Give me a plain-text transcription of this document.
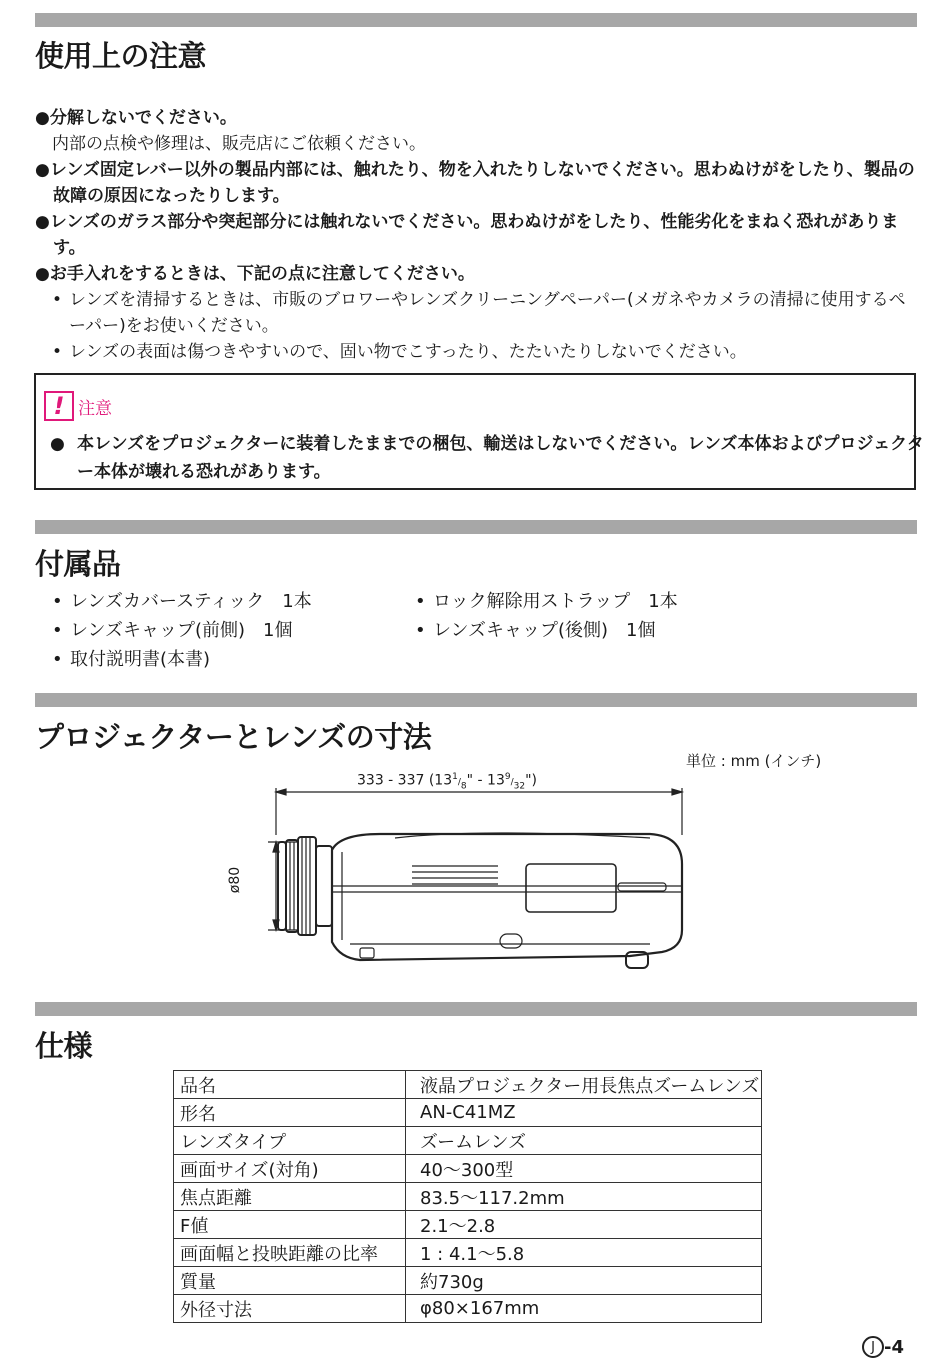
使用上の注意

●分解しないでください。

内部の点検や修理は、販売店にご依頼ください。

●レンズ固定レバー以外の製品内部には、触れたり、物を入れたりしないでください。思わぬけがをしたり、製品の故障の原因になったりします。

●レンズのガラス部分や突起部分には触れないでください。思わぬけがをしたり、性能劣化をまねく恐れがあります。

●お手入れをするときは、下記の点に注意してください。

• レンズを清掃するときは、市販のブロワーやレンズクリーニングペーパー(メガネやカメラの清掃に使用するペーパー)をお使いください。

• レンズの表面は傷つきやすいので、固い物でこすったり、たたいたりしないでください。

! 注意
● 本レンズをプロジェクターに装着したままでの梱包、輸送はしないでください。レンズ本体およびプロジェクター本体が壊れる恐れがあります。
付属品
• レンズカバースティック　1本	• ロック解除用ストラップ　1本
• レンズキャップ(前側)　1個	• レンズキャップ(後側)　1個
• 取付説明書(本書)
プロジェクターとレンズの寸法
単位 : mm (インチ)
333 - 337 ($13^1/_8$" - $13^9/_{32}$")
ø80
仕様
品名	液晶プロジェクター用長焦点ズームレンズ
形名	AN-C41MZ
レンズタイプ	ズームレンズ
画面サイズ(対角)	40～300型
焦点距離	83.5～117.2mm
F値	2.1～2.8
画面幅と投映距離の比率	1 : 4.1～5.8
質量	約730g
外径寸法	φ80×167mm
J - 4
